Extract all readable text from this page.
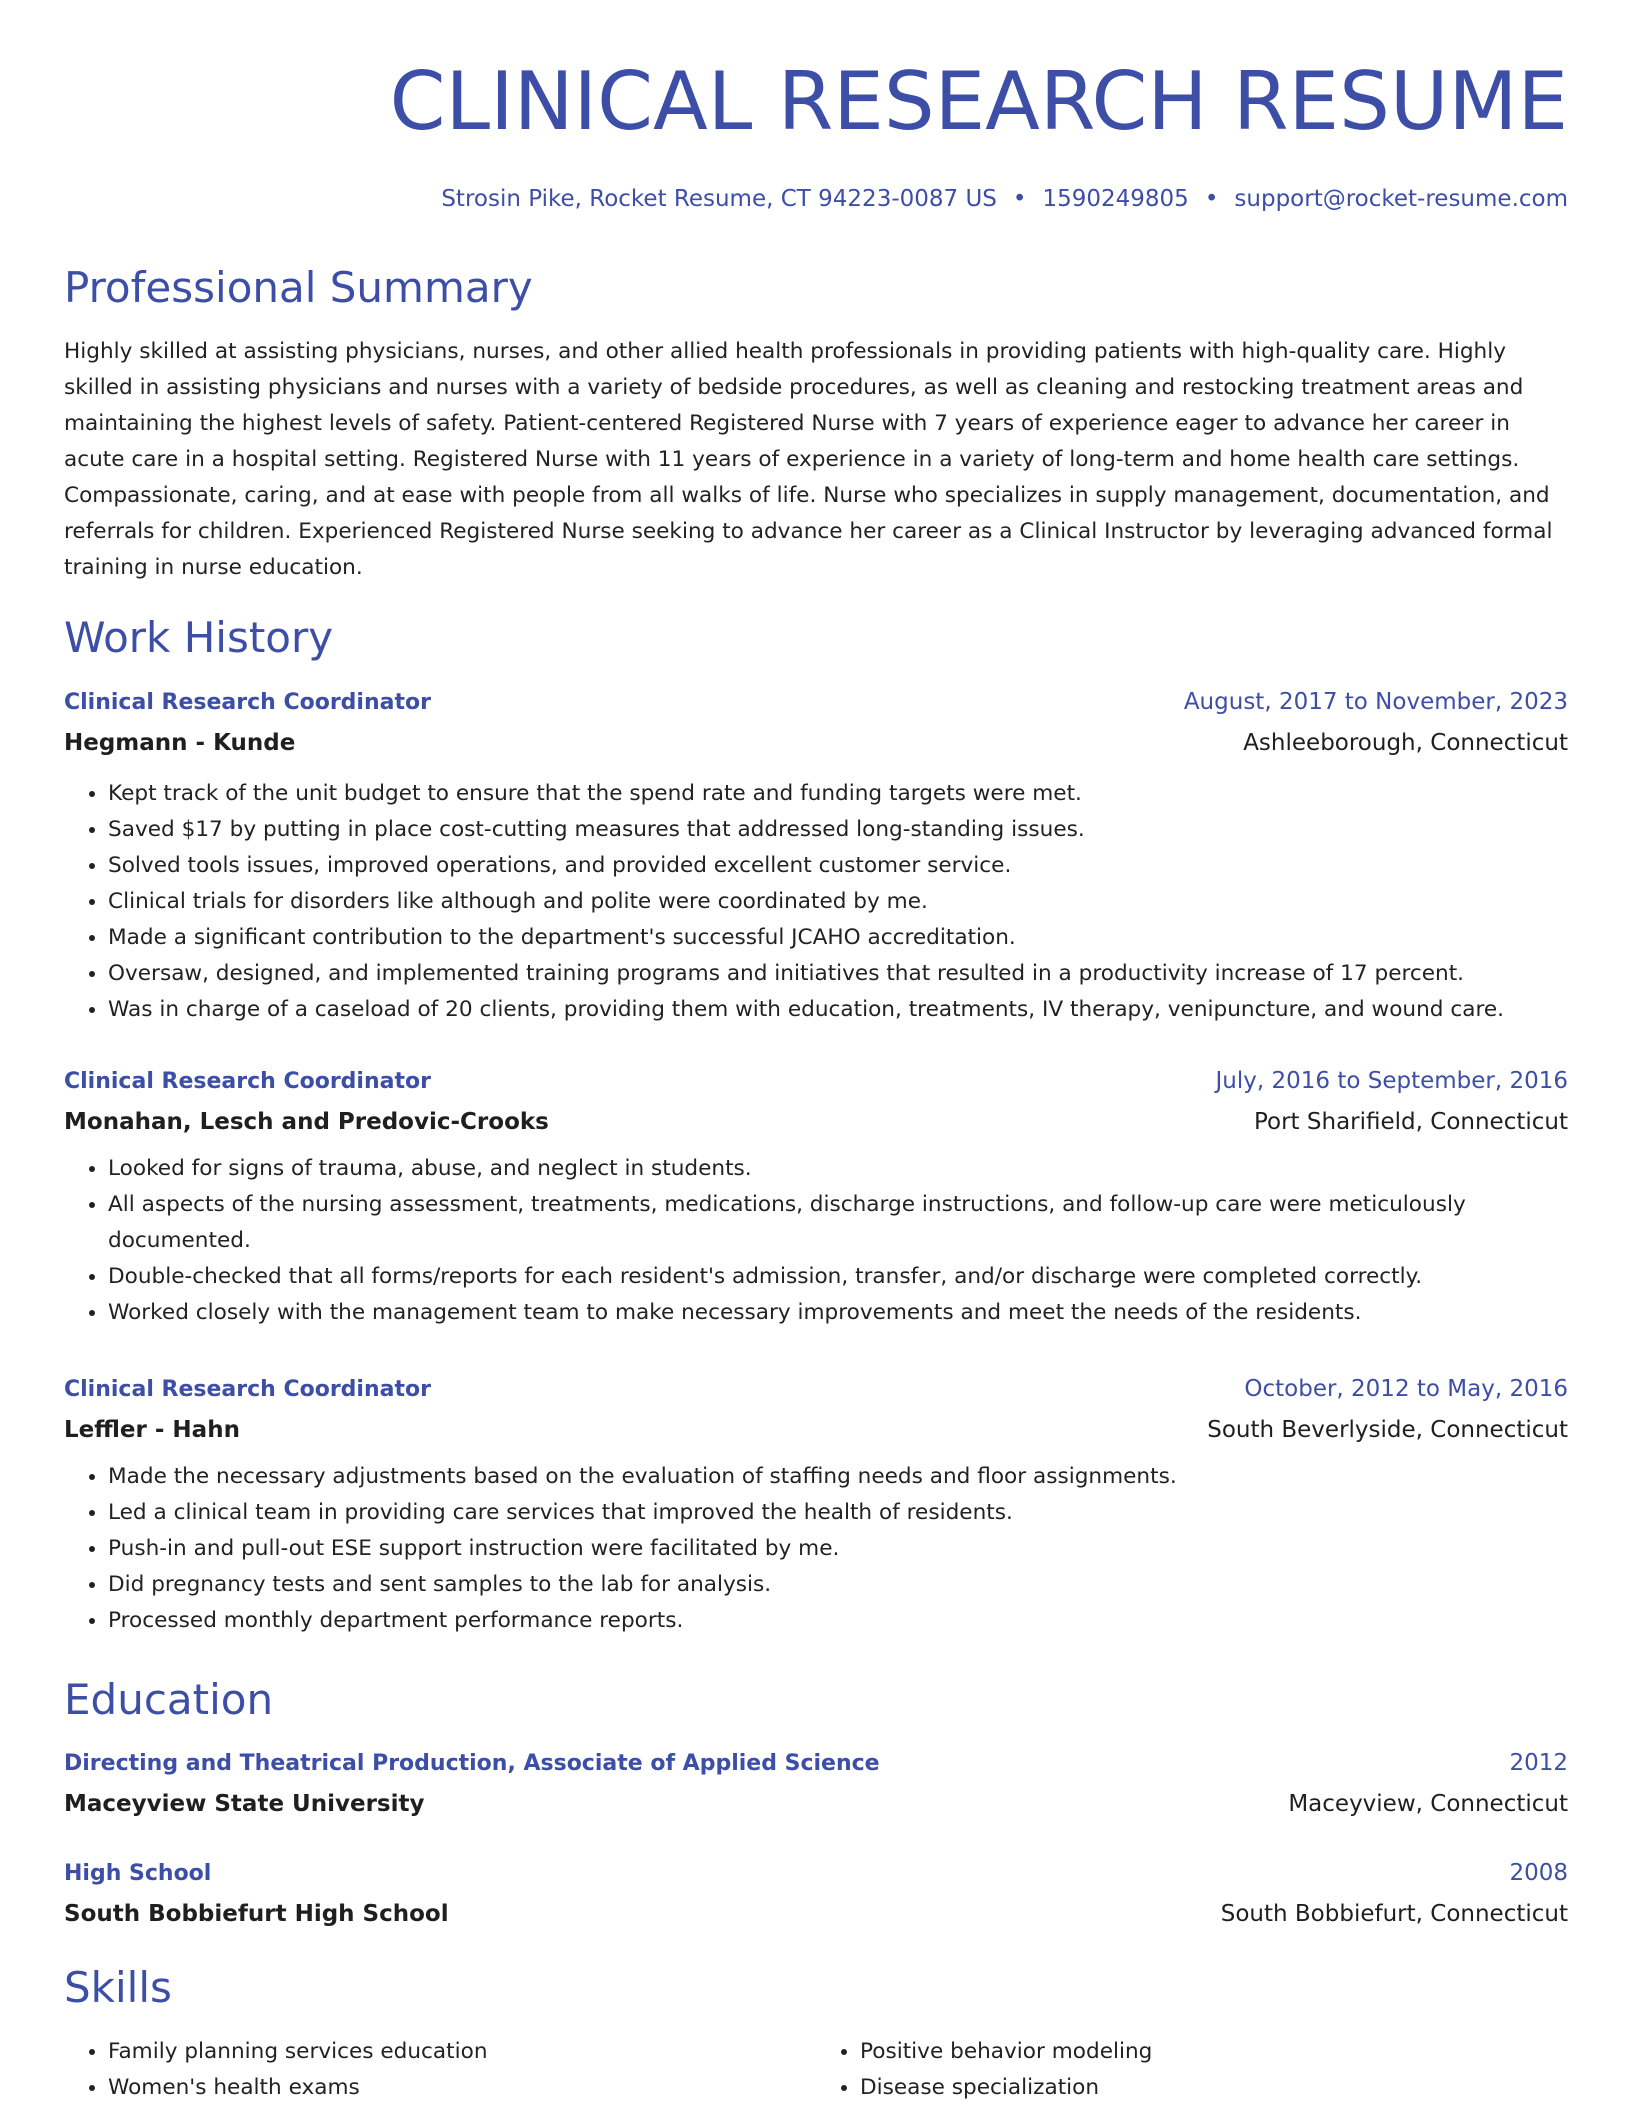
CLINICAL RESEARCH RESUME
Strosin Pike, Rocket Resume, CT 94223-0087 US • 1590249805 • support@rocket-resume.com
Professional Summary

Highly skilled at assisting physicians, nurses, and other allied health professionals in providing patients with high-quality care. Highly skilled in assisting physicians and nurses with a variety of bedside procedures, as well as cleaning and restocking treatment areas and maintaining the highest levels of safety. Patient-centered Registered Nurse with 7 years of experience eager to advance her career in acute care in a hospital setting. Registered Nurse with 11 years of experience in a variety of long-term and home health care settings. Compassionate, caring, and at ease with people from all walks of life. Nurse who specializes in supply management, documentation, and referrals for children. Experienced Registered Nurse seeking to advance her career as a Clinical Instructor by leveraging advanced formal training in nurse education.

Work History
Clinical Research Coordinator	August, 2017 to November, 2023
Hegmann - Kunde	Ashleeborough, Connecticut
• Kept track of the unit budget to ensure that the spend rate and funding targets were met.
• Saved $17 by putting in place cost-cutting measures that addressed long-standing issues.
• Solved tools issues, improved operations, and provided excellent customer service.
• Clinical trials for disorders like although and polite were coordinated by me.
• Made a significant contribution to the department's successful JCAHO accreditation.
• Oversaw, designed, and implemented training programs and initiatives that resulted in a productivity increase of 17 percent.
• Was in charge of a caseload of 20 clients, providing them with education, treatments, IV therapy, venipuncture, and wound care.
Clinical Research Coordinator	July, 2016 to September, 2016
Monahan, Lesch and Predovic-Crooks	Port Sharifield, Connecticut
• Looked for signs of trauma, abuse, and neglect in students.
• All aspects of the nursing assessment, treatments, medications, discharge instructions, and follow-up care were meticulously documented.
• Double-checked that all forms/reports for each resident's admission, transfer, and/or discharge were completed correctly.
• Worked closely with the management team to make necessary improvements and meet the needs of the residents.
Clinical Research Coordinator	October, 2012 to May, 2016
Leffler - Hahn	South Beverlyside, Connecticut
• Made the necessary adjustments based on the evaluation of staffing needs and floor assignments.
• Led a clinical team in providing care services that improved the health of residents.
• Push-in and pull-out ESE support instruction were facilitated by me.
• Did pregnancy tests and sent samples to the lab for analysis.
• Processed monthly department performance reports.
Education
Directing and Theatrical Production, Associate of Applied Science	2012
Maceyview State University	Maceyview, Connecticut
High School	2008
South Bobbiefurt High School	South Bobbiefurt, Connecticut
Skills
• Family planning services education
• Women's health exams
• Positive behavior modeling
• Disease specialization
